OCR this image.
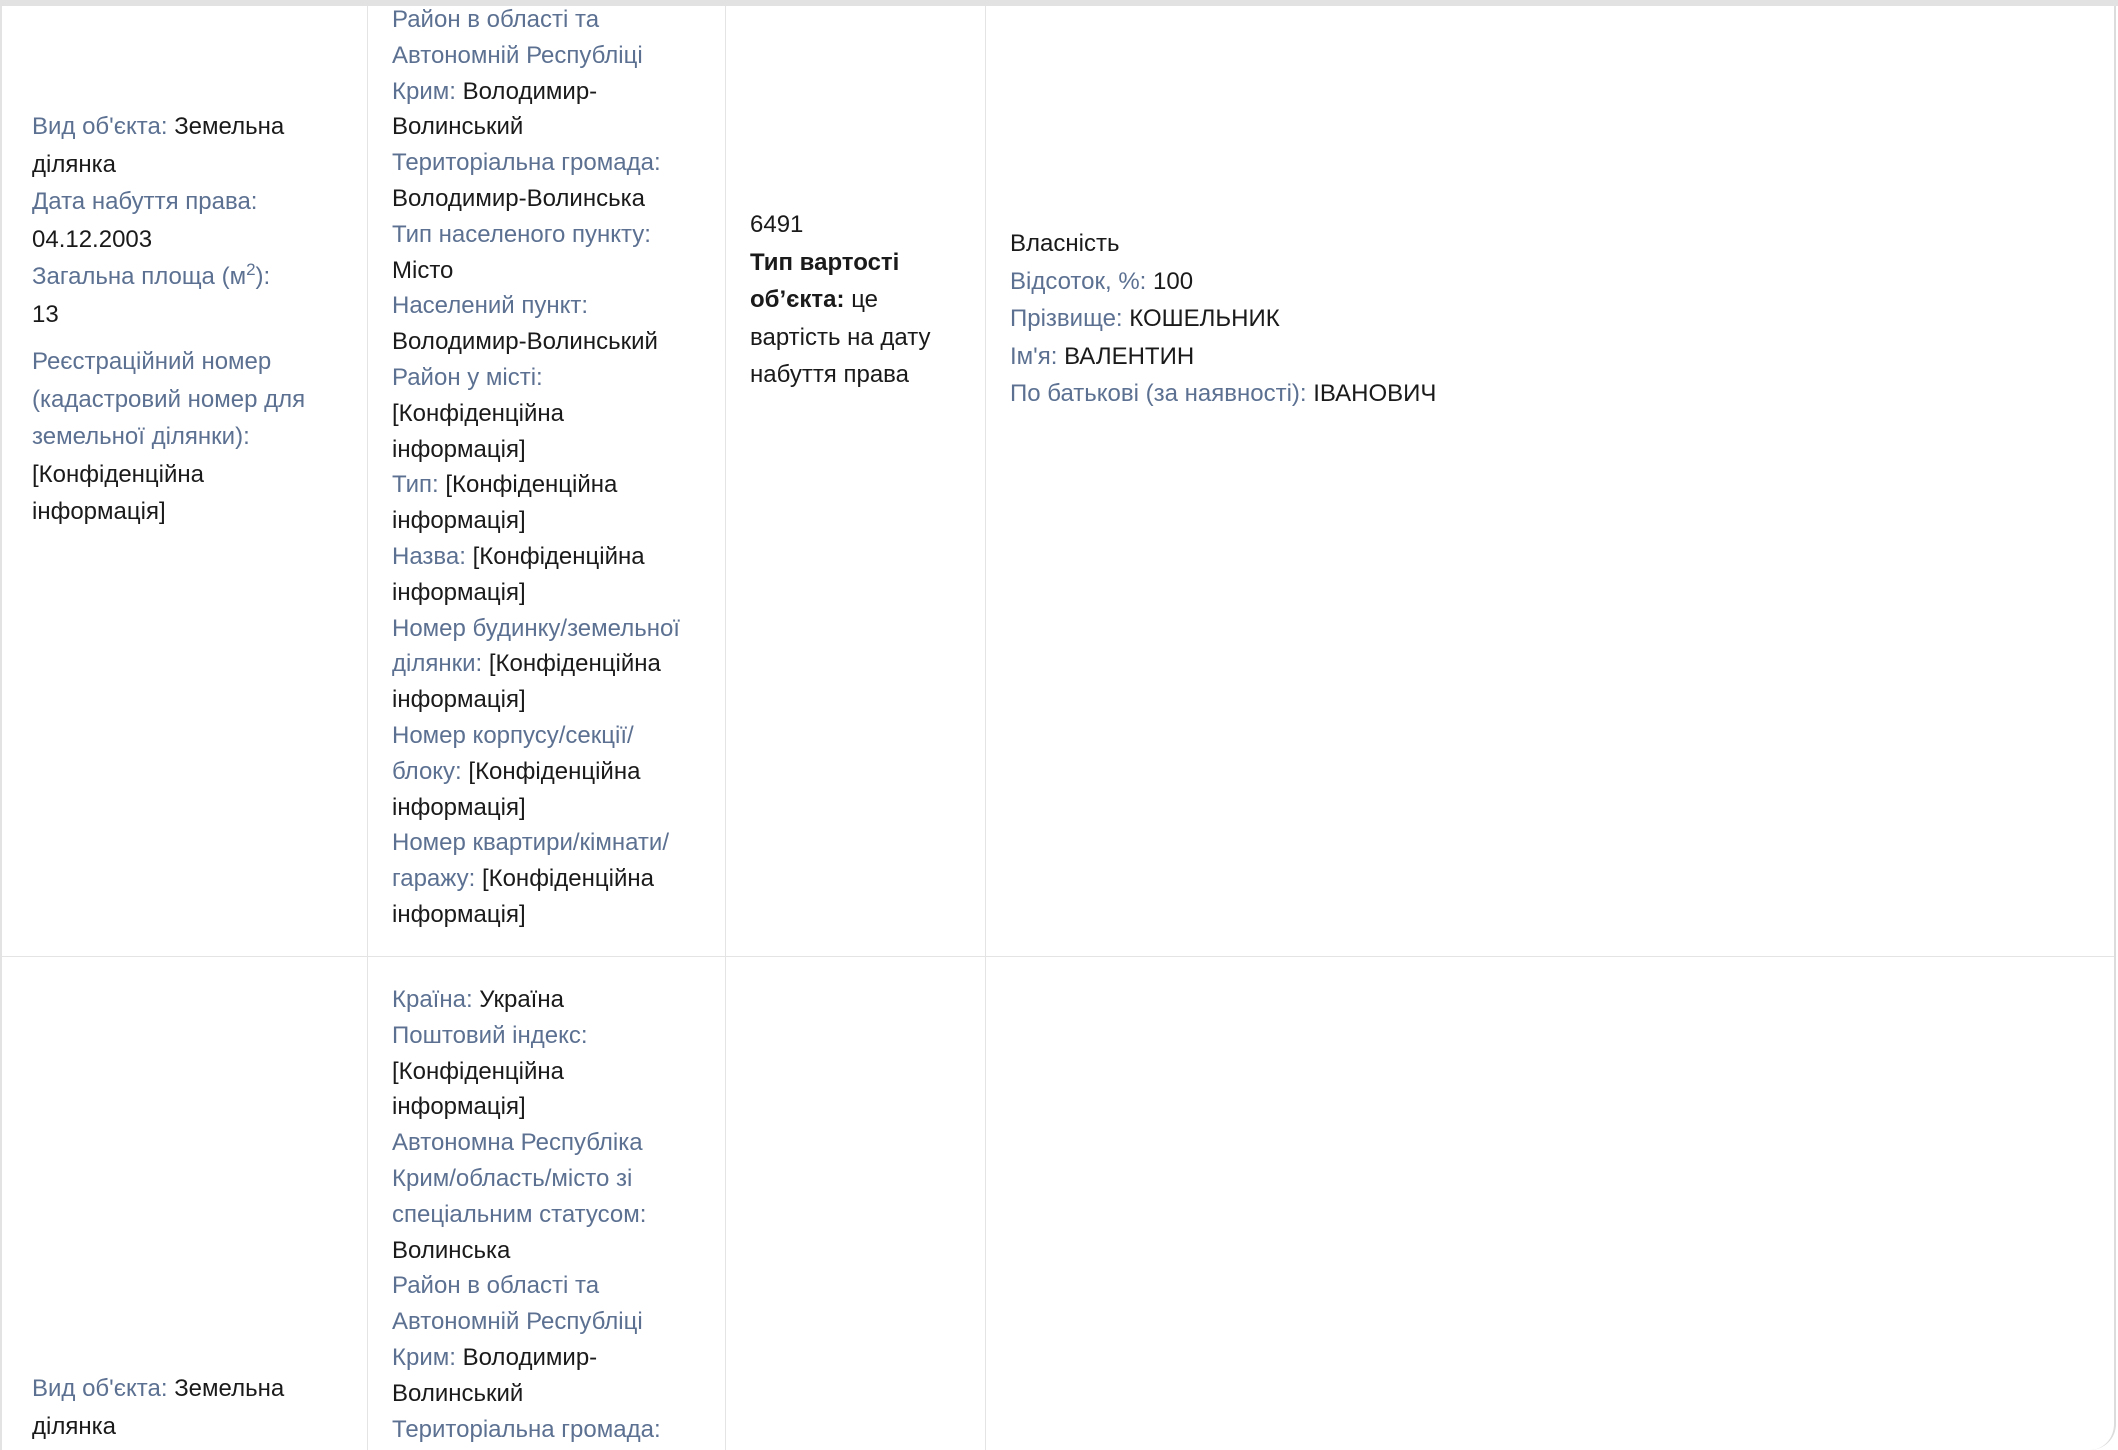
Вид об'єкта: Земельна ділянка
Дата набуття права:
04.12.2003
Загальна площа $(м^2)$:
13
Реєстраційний номер (кадастровий номер для земельної ділянки): [Конфіденційна інформація]
Район в області та Автономній Республіці Крим: Володимир-Волинський
Територіальна громада:
Володимир-Волинська
Тип населеного пункту:
Місто
Населений пункт:
Володимир-Волинський
Район у місті:
[Конфіденційна інформація]
Тип: [Конфіденційна інформація]
Назва: [Конфіденційна інформація]
Номер будинку/земельної ділянки: [Конфіденційна інформація]
Номер корпусу/секції/блоку: [Конфіденційна інформація]
Номер квартири/кімнати/гаражу: [Конфіденційна інформація]
6491
Тип вартості об’єкта: це вартість на дату набуття права
Власність
Відсоток, %: 100
Прізвище: КОШЕЛЬНИК
Ім'я: ВАЛЕНТИН
По батькові (за наявності): ІВАНОВИЧ
Вид об'єкта: Земельна ділянка
Країна: Україна
Поштовий індекс:
[Конфіденційна інформація]
Автономна Республіка Крим/область/місто зі спеціальним статусом:
Волинська
Район в області та Автономній Республіці Крим: Володимир-Волинський
Територіальна громада:
